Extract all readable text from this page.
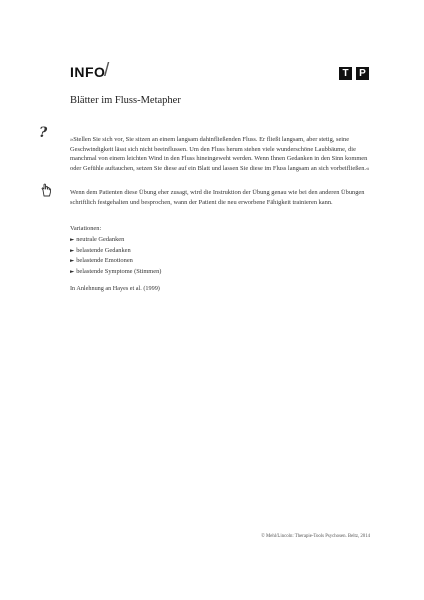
INFO
/	T	P
Blätter im Fluss-Metapher
?	»Stellen Sie sich vor, Sie sitzen an einem langsam dahinfließenden Fluss. Er fließt langsam, aber stetig, seine Geschwindigkeit lässt sich nicht beeinflussen. Um den Fluss herum stehen viele wunderschöne Laubbäume, die manchmal von einem leichten Wind in den Fluss hineingeweht werden. Wenn Ihnen Gedanken in den Sinn kommen oder Gefühle auftauchen, setzen Sie diese auf ein Blatt und lassen Sie diese im Fluss langsam an sich vorbeifließen.«
Wenn dem Patienten diese Übung eher zusagt, wird die Instruktion der Übung genau wie bei den anderen Übungen schriftlich festgehalten und besprochen, wann der Patient die neu erworbene Fähigkeit trainieren kann.
Variationen:
► neutrale Gedanken
► belastende Gedanken
► belastende Emotionen
► belastende Symptome (Stimmen)
In Anlehnung an Hayes et al. (1999)
© Mehl/Lincoln: Therapie-Tools Psychosen. Beltz, 2014
